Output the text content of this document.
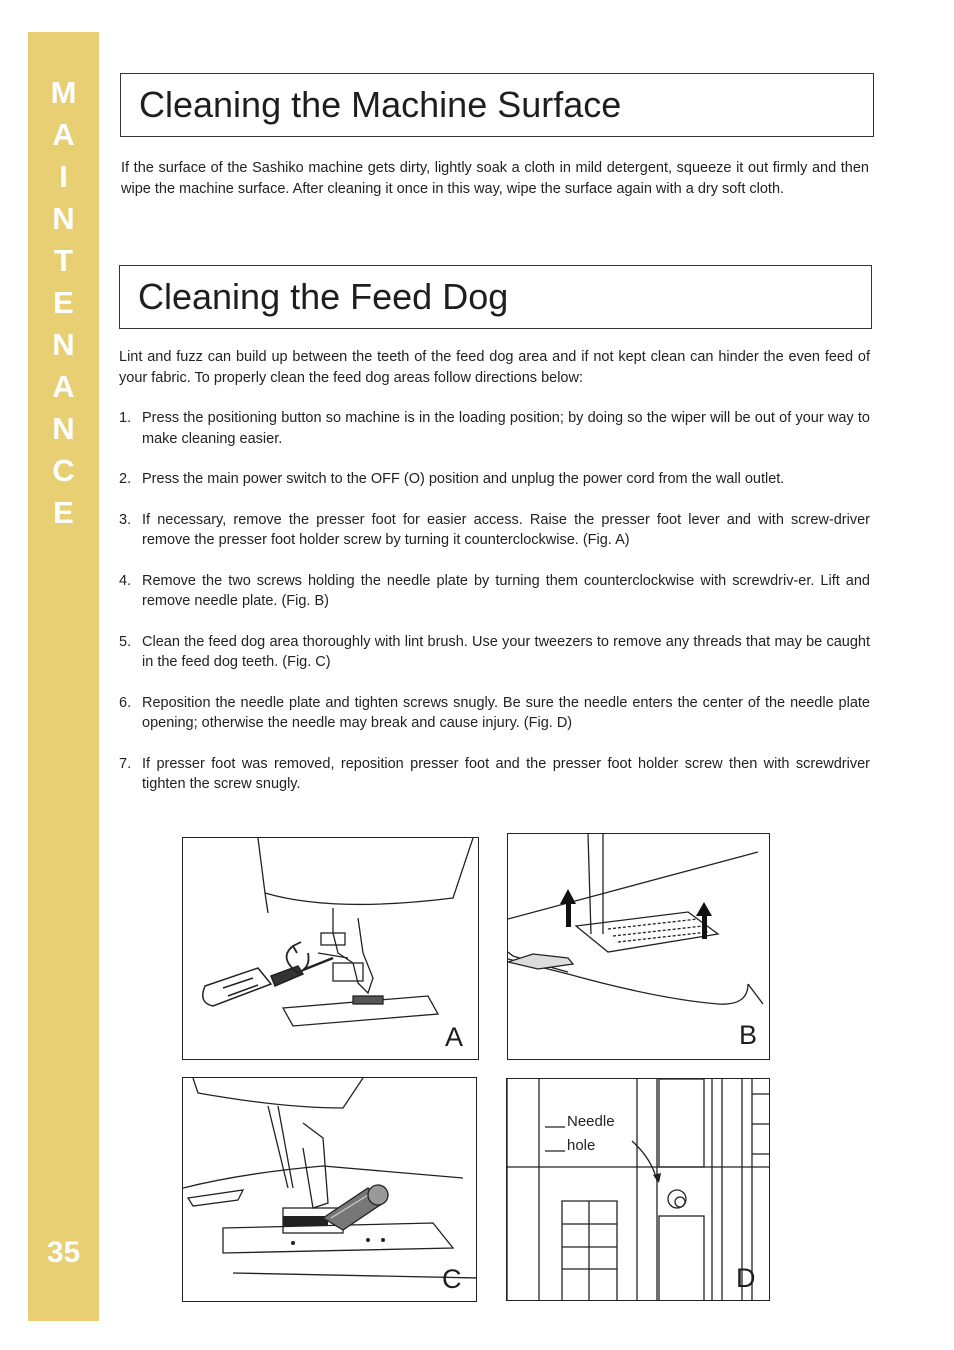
M
A
I
N
T
E
N
A
N
C
E
35
Cleaning the Machine Surface

If the surface of the Sashiko machine gets dirty, lightly soak a cloth in mild detergent, squeeze it out firmly and then wipe the machine surface. After cleaning it once in this way, wipe the surface again with a dry soft cloth.

Cleaning the Feed Dog

Lint and fuzz can build up between the teeth of the feed dog area and if not kept clean can hinder the even feed of your fabric. To properly clean the feed dog areas follow directions below:

1. Press the positioning button so machine is in the loading position; by doing so the wiper will be out of your way to make cleaning easier.
2. Press the main power switch to the OFF (O) position and unplug the power cord from the wall outlet.
3. If necessary, remove the presser foot for easier access. Raise the presser foot lever and with screw-driver remove the presser foot holder screw by turning it counterclockwise. (Fig. A)
4. Remove the two screws holding the needle plate by turning them counterclockwise with screwdriv-er. Lift and remove needle plate. (Fig. B)
5. Clean the feed dog area thoroughly with lint brush. Use your tweezers to remove any threads that may be caught in the feed dog teeth. (Fig. C)
6. Reposition the needle plate and tighten screws snugly. Be sure the needle enters the center of the needle plate opening; otherwise the needle may break and cause injury. (Fig. D)
7. If presser foot was removed, reposition presser foot and the presser foot holder screw then with screwdriver tighten the screw snugly.
A	B
C
Needle
hole
D
